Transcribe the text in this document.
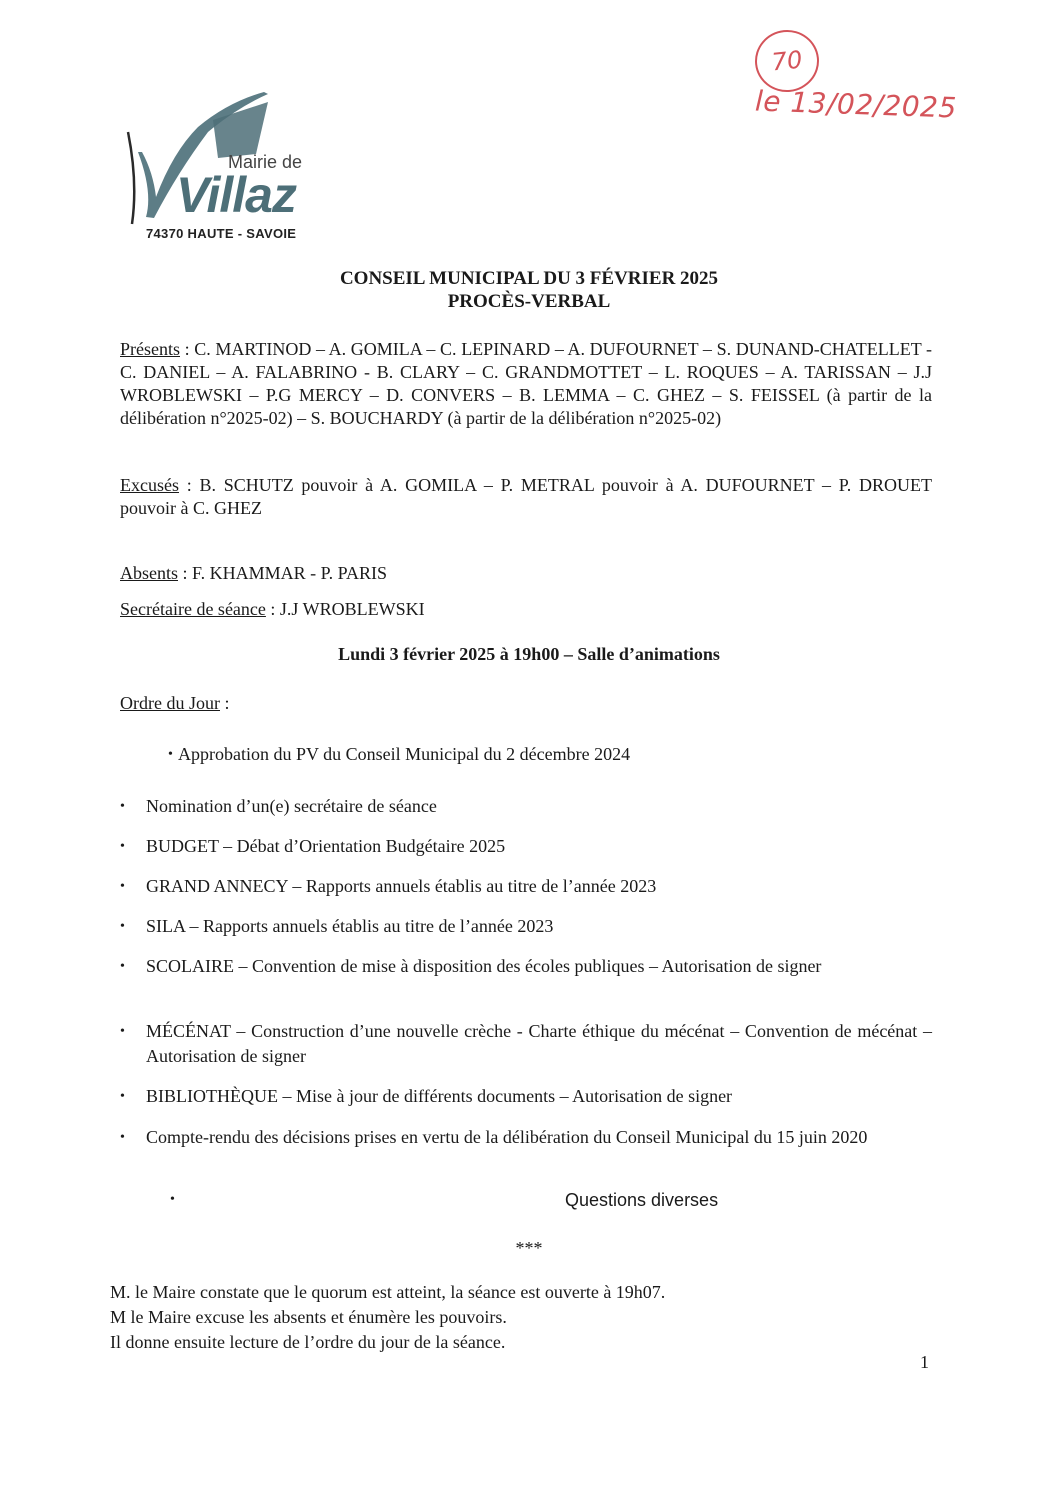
70
le 13/02/2025
Mairie de
Villaz
74370 HAUTE - SAVOIE
CONSEIL MUNICIPAL DU 3 FÉVRIER 2025
PROCÈS-VERBAL
Présents : C. MARTINOD – A. GOMILA – C. LEPINARD – A. DUFOURNET – S. DUNAND-CHATELLET - C. DANIEL – A. FALABRINO - B. CLARY – C. GRANDMOTTET – L. ROQUES – A. TARISSAN – J.J WROBLEWSKI – P.G MERCY – D. CONVERS – B. LEMMA – C. GHEZ – S. FEISSEL (à partir de la délibération n°2025-02) – S. BOUCHARDY (à partir de la délibération n°2025-02)
Excusés : B. SCHUTZ pouvoir à A. GOMILA – P. METRAL pouvoir à A. DUFOURNET – P. DROUET pouvoir à C. GHEZ
Absents : F. KHAMMAR - P. PARIS
Secrétaire de séance : J.J WROBLEWSKI
Lundi 3 février 2025 à 19h00 – Salle d’animations
Ordre du Jour :
• Approbation du PV du Conseil Municipal du 2 décembre 2024
• Nomination d’un(e) secrétaire de séance
• BUDGET – Débat d’Orientation Budgétaire 2025
• GRAND ANNECY – Rapports annuels établis au titre de l’année 2023
• SILA – Rapports annuels établis au titre de l’année 2023
• SCOLAIRE – Convention de mise à disposition des écoles publiques – Autorisation de signer
• MÉCÉNAT – Construction d’une nouvelle crèche - Charte éthique du mécénat – Convention de mécénat – Autorisation de signer
• BIBLIOTHÈQUE – Mise à jour de différents documents – Autorisation de signer
• Compte-rendu des décisions prises en vertu de la délibération du Conseil Municipal du 15 juin 2020
•	Questions diverses
***
M. le Maire constate que le quorum est atteint, la séance est ouverte à 19h07.
M le Maire excuse les absents et énumère les pouvoirs.
Il donne ensuite lecture de l’ordre du jour de la séance.
1
